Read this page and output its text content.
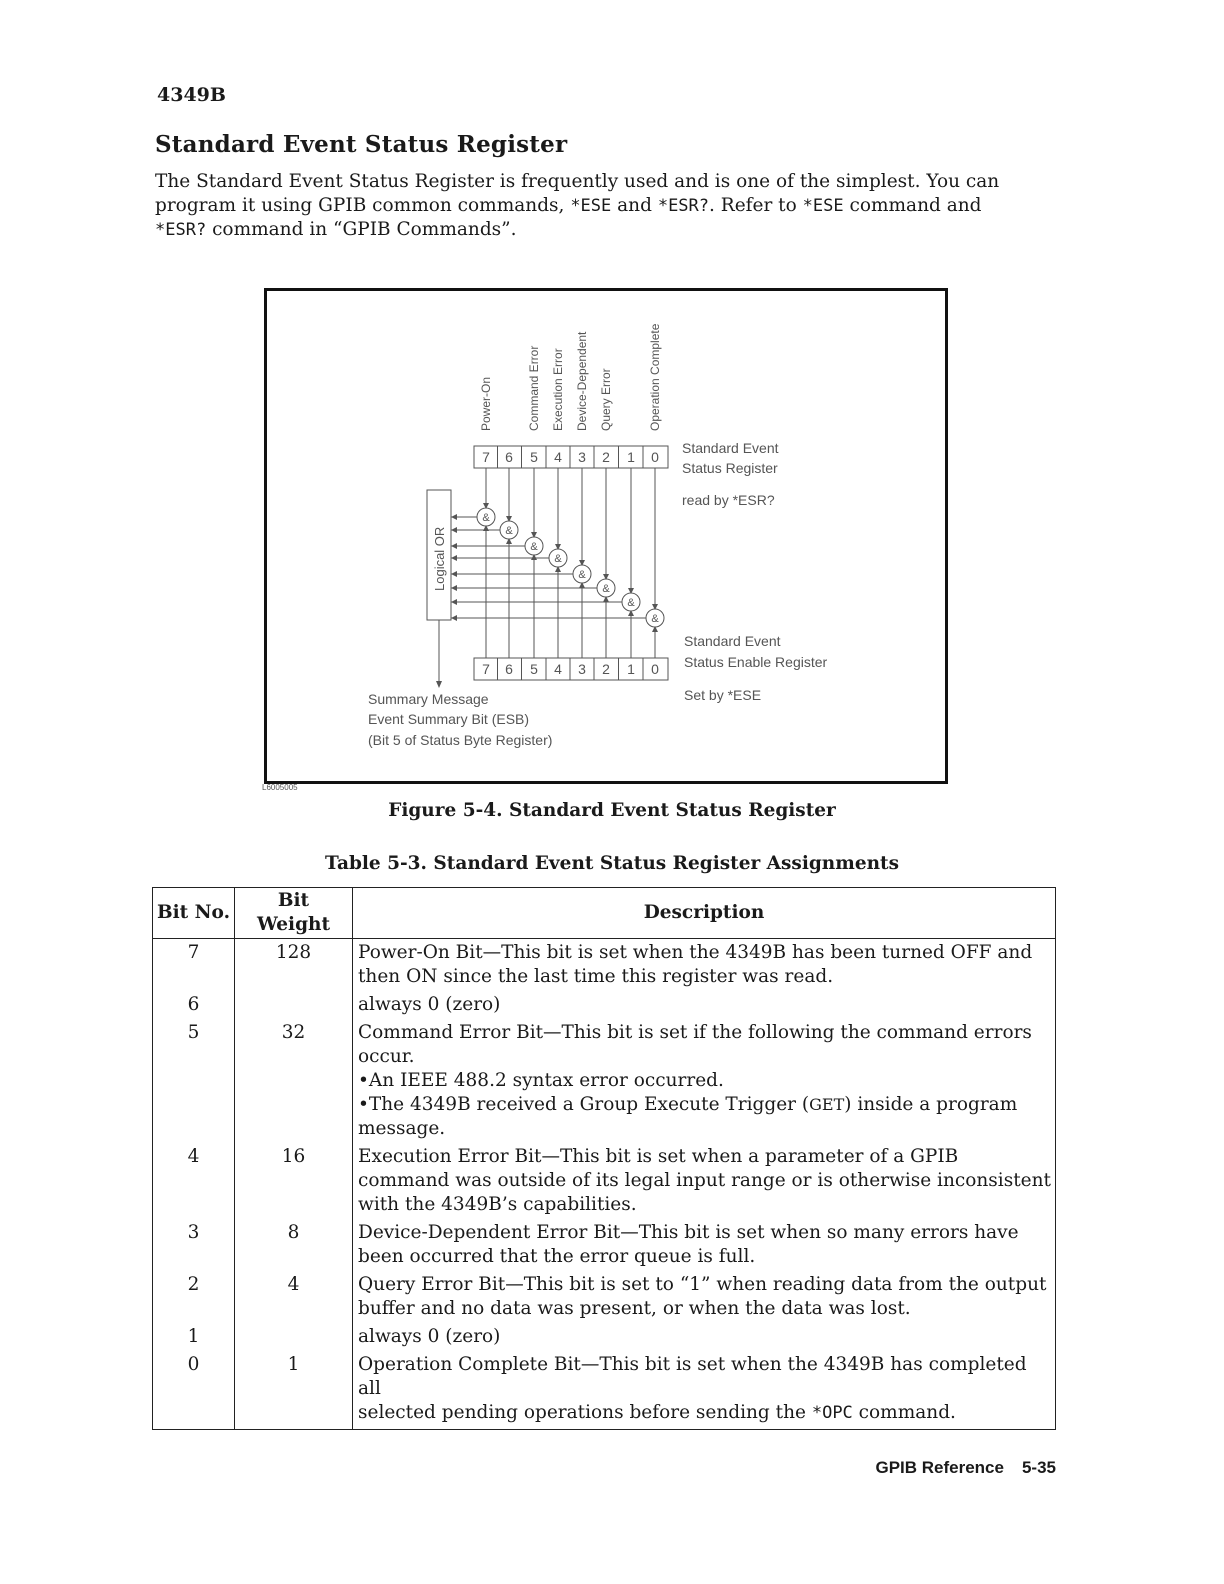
4349B
Standard Event Status Register
The Standard Event Status Register is frequently used and is one of the simplest. You can program it using GPIB common commands, *ESE and *ESR?. Refer to *ESE command and *ESR? command in “GPIB Commands”.
7
7
6
6
5
5
4
4
3
3
2
2
1
1
0
0
Power-On	Command Error Execution Error Device-Dependent Query Error	Operation Complete
Logical OR
&
&
&
&
&
&
&
&
Standard Event
Status Register
read by *ESR?
Standard Event
Status Enable Register
Set by *ESE
Summary Message
Event Summary Bit (ESB)
(Bit 5 of Status Byte Register)
L6005005
Figure 5-4. Standard Event Status Register
Table 5-3. Standard Event Status Register Assignments
Bit No.	Bit Weight	Description
7	128	Power-On Bit—This bit is set when the 4349B has been turned OFF and
then ON since the last time this register was read.

6		always 0 (zero)

5	32	Command Error Bit—This bit is set if the following the command errors
occur.
•An IEEE 488.2 syntax error occurred.
•The 4349B received a Group Execute Trigger (GET) inside a program
message.

4	16	Execution Error Bit—This bit is set when a parameter of a GPIB
command was outside of its legal input range or is otherwise inconsistent
with the 4349B’s capabilities.

3	8	Device-Dependent Error Bit—This bit is set when so many errors have
been occurred that the error queue is full.

2	4	Query Error Bit—This bit is set to “1” when reading data from the output
buffer and no data was present, or when the data was lost.

1		always 0 (zero)

0	1	Operation Complete Bit—This bit is set when the 4349B has completed all
selected pending operations before sending the *OPC command.
GPIB Reference 5-35
